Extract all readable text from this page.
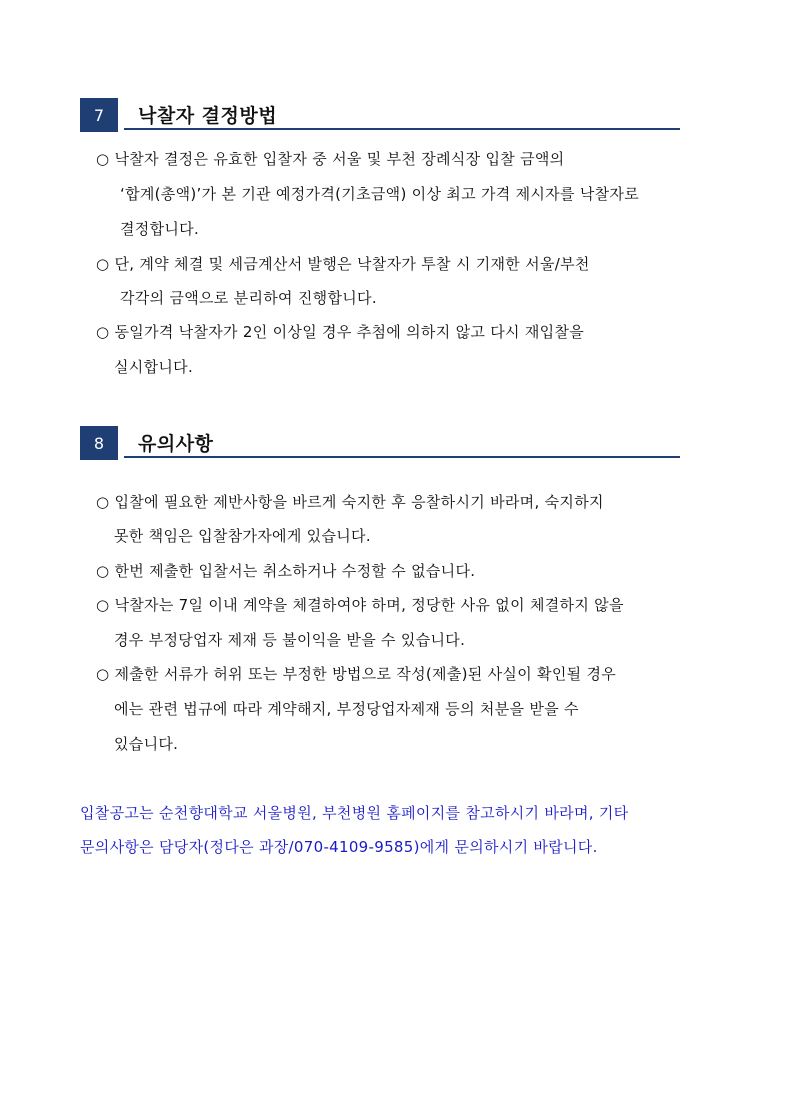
7	낙찰자 결정방법
○ 낙찰자 결정은 유효한 입찰자 중 서울 및 부천 장례식장 입찰 금액의
‘합계(총액)’가 본 기관 예정가격(기초금액) 이상 최고 가격 제시자를 낙찰자로
결정합니다.
○ 단, 계약 체결 및 세금계산서 발행은 낙찰자가 투찰 시 기재한 서울/부천
각각의 금액으로 분리하여 진행합니다.
○ 동일가격 낙찰자가 2인 이상일 경우 추첨에 의하지 않고 다시 재입찰을
실시합니다.
8	유의사항
○ 입찰에 필요한 제반사항을 바르게 숙지한 후 응찰하시기 바라며, 숙지하지
못한 책임은 입찰참가자에게 있습니다.
○ 한번 제출한 입찰서는 취소하거나 수정할 수 없습니다.
○ 낙찰자는 7일 이내 계약을 체결하여야 하며, 정당한 사유 없이 체결하지 않을
경우 부정당업자 제재 등 불이익을 받을 수 있습니다.
○ 제출한 서류가 허위 또는 부정한 방법으로 작성(제출)된 사실이 확인될 경우
에는 관련 법규에 따라 계약해지, 부정당업자제재 등의 처분을 받을 수
있습니다.
입찰공고는 순천향대학교 서울병원, 부천병원 홈페이지를 참고하시기 바라며, 기타
문의사항은 담당자(정다은 과장/070-4109-9585)에게 문의하시기 바랍니다.
